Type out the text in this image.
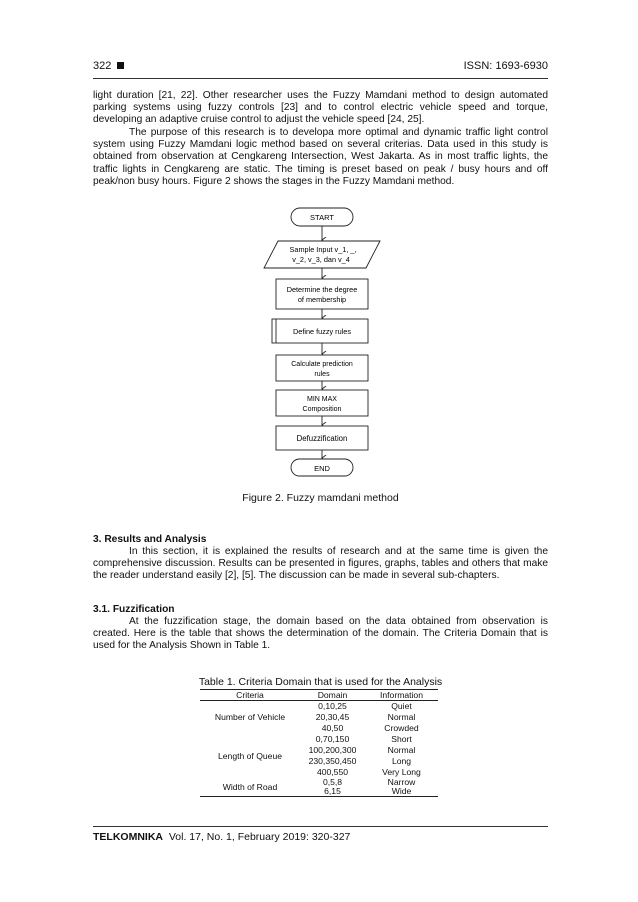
322	ISSN: 1693-6930

light duration [21, 22]. Other researcher uses the Fuzzy Mamdani method to design automated parking systems using fuzzy controls [23] and to control electric vehicle speed and torque, developing an adaptive cruise control to adjust the vehicle speed [24, 25].

The purpose of this research is to developa more optimal and dynamic traffic light control system using Fuzzy Mamdani logic method based on several criterias. Data used in this study is obtained from observation at Cengkareng Intersection, West Jakarta. As in most traffic lights, the traffic lights in Cengkareng are static. The timing is preset based on peak / busy hours and off peak/non busy hours. Figure 2 shows the stages in the Fuzzy Mamdani method.

START
Sample Input v_1, _,
v_2, v_3, dan v_4
Determine the degree
of membership
Define fuzzy rules
Calculate prediction
rules
MIN MAX
Composition
Defuzzification
END
Figure 2. Fuzzy mamdani method

3. Results and Analysis

In this section, it is explained the results of research and at the same time is given the comprehensive discussion. Results can be presented in figures, graphs, tables and others that make the reader understand easily [2], [5]. The discussion can be made in several sub-chapters.

3.1. Fuzzification

At the fuzzification stage, the domain based on the data obtained from observation is created. Here is the table that shows the determination of the domain. The Criteria Domain that is used for the Analysis Shown in Table 1.

Table 1. Criteria Domain that is used for the Analysis
Criteria	Domain	Information
Number of Vehicle	0,10,25	Quiet
	20,30,45	Normal
	40,50	Crowded
Length of Queue	0,70,150	Short
	100,200,300	Normal
	230,350,450	Long
	400,550	Very Long
Width of Road	0,5,8	Narrow
	6,15	Wide
TELKOMNIKA Vol. 17, No. 1, February 2019: 320-327
